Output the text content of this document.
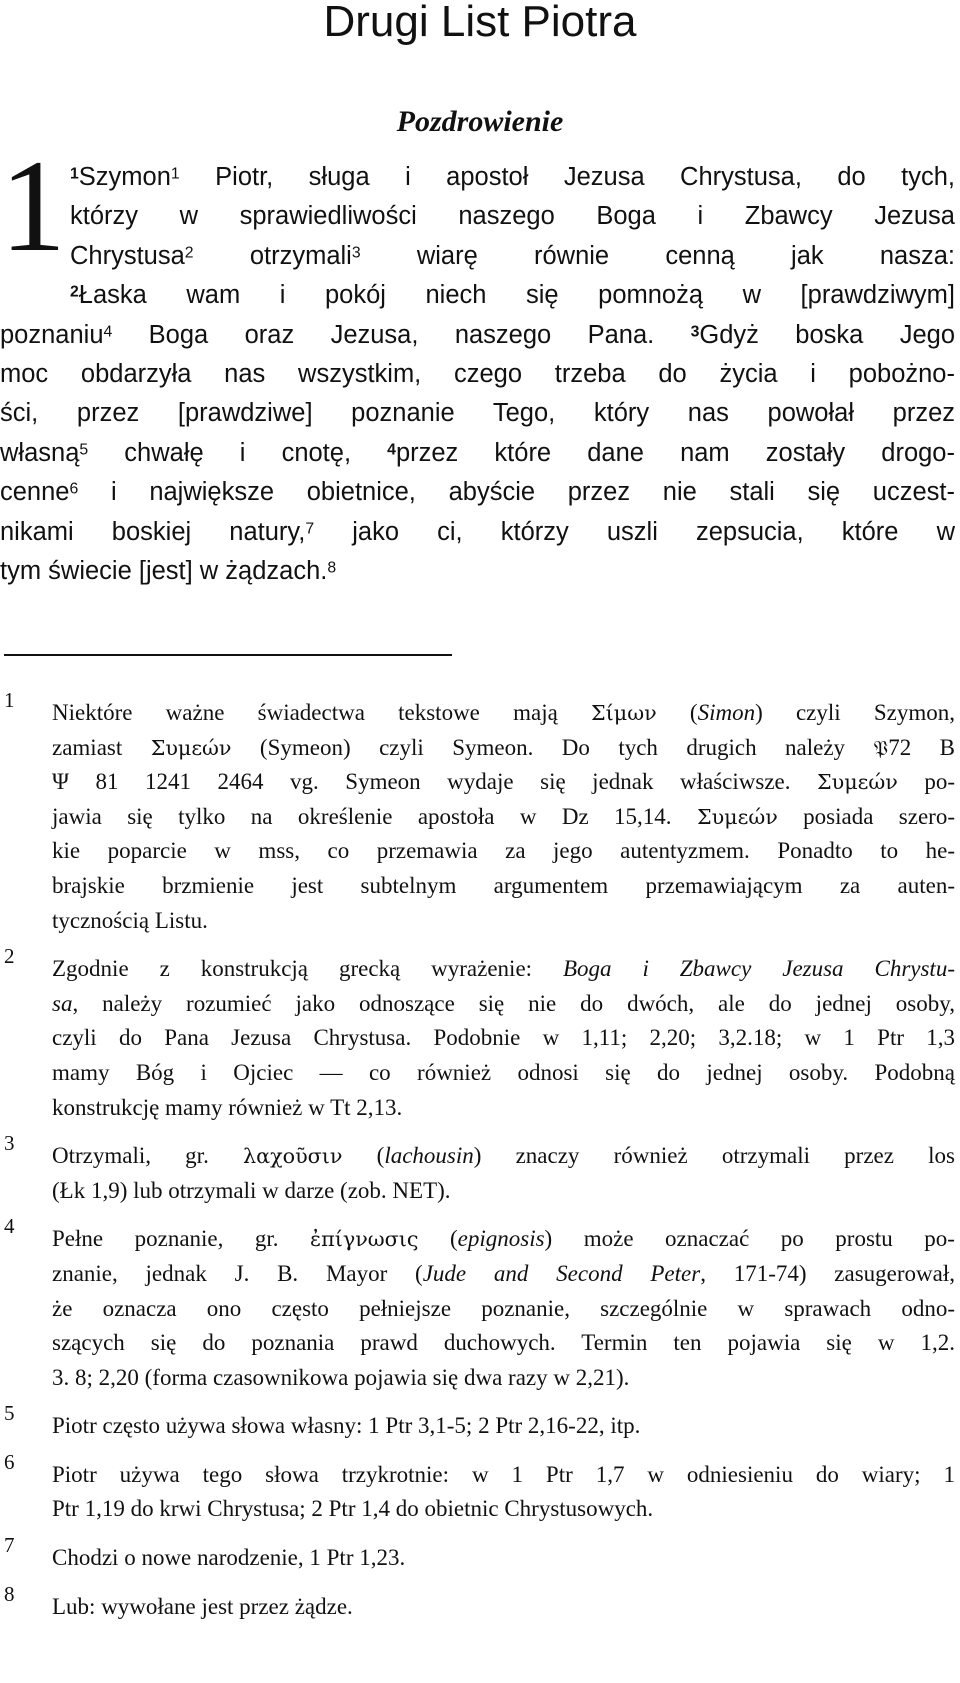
Drugi List Piotra
Pozdrowienie
1 $^1$Szymon$^1$ Piotr, sługa i apostoł Jezusa Chrystusa, do tych,
którzy w sprawiedliwości naszego Boga i Zbawcy Jezusa
Chrystusa$^2$ otrzymali$^3$ wiarę równie cenną jak nasza:
$^2$Łaska wam i pokój niech się pomnożą w [prawdziwym]
poznaniu$^4$ Boga oraz Jezusa, naszego Pana. $^3$Gdyż boska Jego
moc obdarzyła nas wszystkim, czego trzeba do życia i pobożno-
ści, przez [prawdziwe] poznanie Tego, który nas powołał przez
własną$^5$ chwałę i cnotę, $^4$przez które dane nam zostały drogo-
cenne$^6$ i największe obietnice, abyście przez nie stali się uczest-
nikami boskiej natury,$^7$ jako ci, którzy uszli zepsucia, które w
tym świecie [jest] w żądzach.$^8$
1 Niektóre ważne świadectwa tekstowe mają Σίμων (Simon) czyli Szymon,
zamiast Συμεών (Symeon) czyli Symeon. Do tych drugich należy 𝔓72 B
Ψ 81 1241 2464 vg. Symeon wydaje się jednak właściwsze. Συμεών po-
jawia się tylko na określenie apostoła w Dz 15,14. Συμεών posiada szero-
kie poparcie w mss, co przemawia za jego autentyzmem. Ponadto to he-
brajskie brzmienie jest subtelnym argumentem przemawiającym za auten-
tycznością Listu.
2 Zgodnie z konstrukcją grecką wyrażenie: Boga i Zbawcy Jezusa Chrystu-
sa, należy rozumieć jako odnoszące się nie do dwóch, ale do jednej osoby,
czyli do Pana Jezusa Chrystusa. Podobnie w 1,11; 2,20; 3,2.18; w 1 Ptr 1,3
mamy Bóg i Ojciec — co również odnosi się do jednej osoby. Podobną
konstrukcję mamy również w Tt 2,13.
3 Otrzymali, gr. λαχοῦσιν (lachousin) znaczy również otrzymali przez los
(Łk 1,9) lub otrzymali w darze (zob. NET).
4 Pełne poznanie, gr. ἐπίγνωσις (epignosis) może oznaczać po prostu po-
znanie, jednak J. B. Mayor (Jude and Second Peter, 171-74) zasugerował,
że oznacza ono często pełniejsze poznanie, szczególnie w sprawach odno-
szących się do poznania prawd duchowych. Termin ten pojawia się w 1,2.
3. 8; 2,20 (forma czasownikowa pojawia się dwa razy w 2,21).
5 Piotr często używa słowa własny: 1 Ptr 3,1-5; 2 Ptr 2,16-22, itp.
6 Piotr używa tego słowa trzykrotnie: w 1 Ptr 1,7 w odniesieniu do wiary; 1
Ptr 1,19 do krwi Chrystusa; 2 Ptr 1,4 do obietnic Chrystusowych.
7 Chodzi o nowe narodzenie, 1 Ptr 1,23.
8 Lub: wywołane jest przez żądze.
